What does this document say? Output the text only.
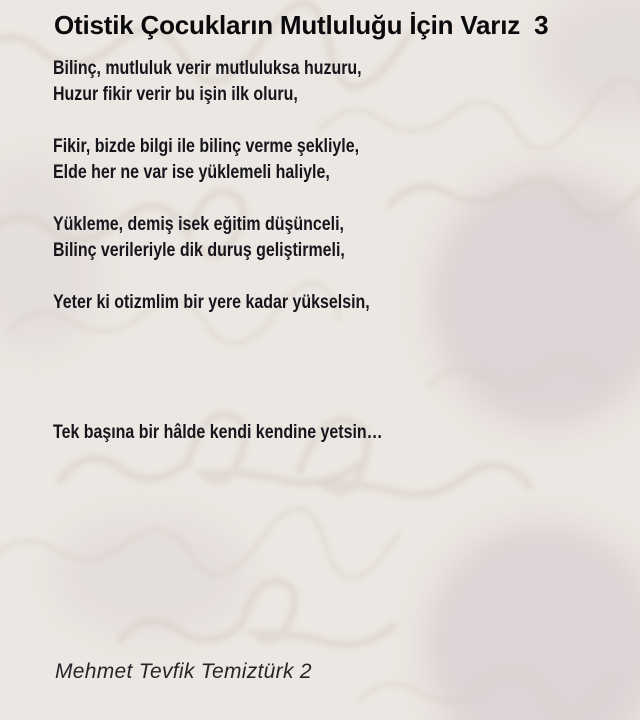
Otistik Çocukların Mutluluğu İçin Varız  3
Bilinç, mutluluk verir mutluluksa huzuru,
Huzur fikir verir bu işin ilk oluru,

Fikir, bizde bilgi ile bilinç verme şekliyle,
Elde her ne var ise yüklemeli haliyle,

Yükleme, demiş isek eğitim düşünceli,
Bilinç verileriyle dik duruş geliştirmeli,

Yeter ki otizmlim bir yere kadar yükselsin,

Tek başına bir hâlde kendi kendine yetsin…
Mehmet Tevfik Temiztürk 2
